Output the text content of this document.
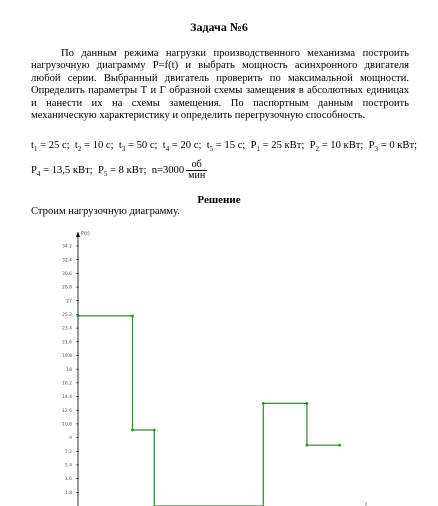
Задача №6

По данным режима нагрузки производственного механизма построить нагрузочную диаграмму P=f(t) и выбрать мощность асинхронного двигателя любой серии. Выбранный двигатель проверить по максимальной мощности. Определить параметры Т и Г образной схемы замещения в абсолютных единицах и нанести их на схемы замещения. По паспортным данным построить механическую характеристику и определить перегрузочную способность.

$t_1 = 25$ с; $t_2 = 10$ с; $t_3 = 50$ с; $t_4 = 20$ с; $t_5 = 15$ с; $P_1 = 25$ кВт; $P_2 = 10$ кВт; $P_3 = 0$ кВт;
$P_4 = 13,5$ кВт; $P_5 = 8$ кВт; $n=3000 \frac{об}{\text{мин}}$
Решение
Строим нагрузочную диаграмму.
P(t)
34.2
32.4
30.6
28.8
27
25.2
23.4
21.6
19.8
18
16.2
14.4
12.6
10.8
9
7.2
5.4
3.6
1.8
